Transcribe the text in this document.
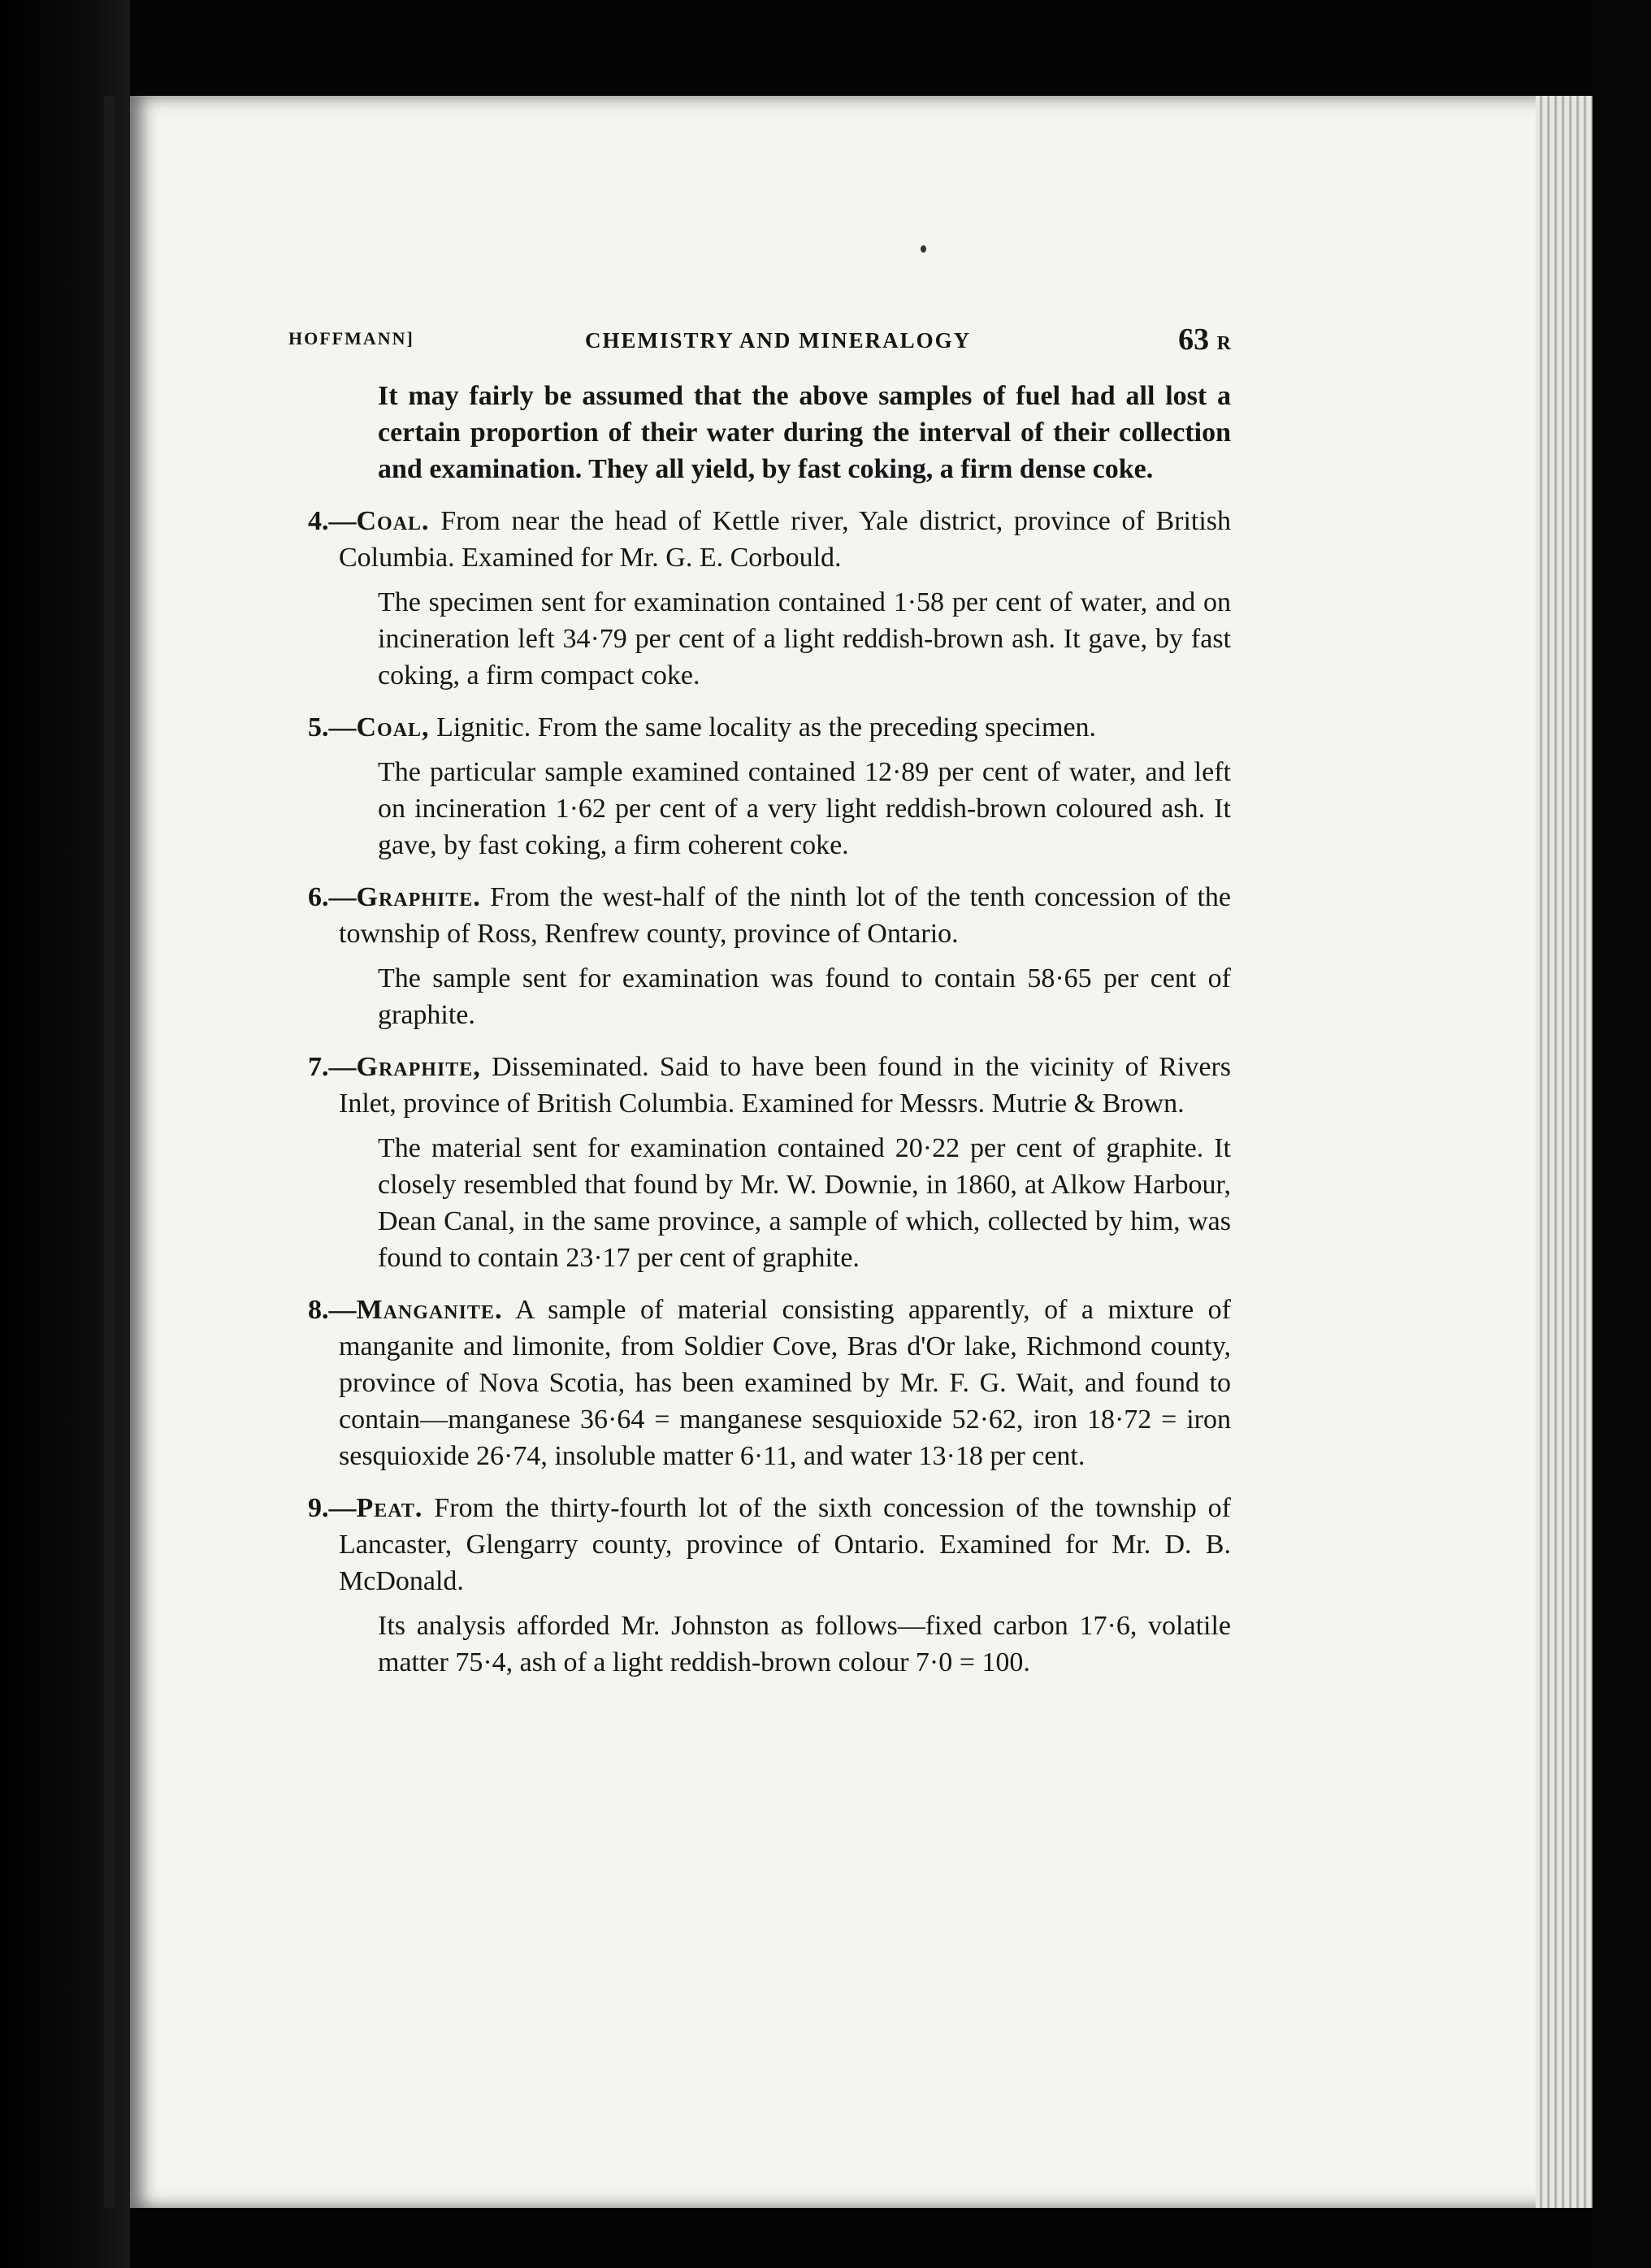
HOFFMANN]	CHEMISTRY AND MINERALOGY	63 R

It may fairly be assumed that the above samples of fuel had all lost a certain proportion of their water during the interval of their collection and examination. They all yield, by fast coking, a firm dense coke.

4.—Coal. From near the head of Kettle river, Yale district, province of British Columbia. Examined for Mr. G. E. Corbould.

The specimen sent for examination contained 1·58 per cent of water, and on incineration left 34·79 per cent of a light reddish-brown ash. It gave, by fast coking, a firm compact coke.

5.—Coal, Lignitic. From the same locality as the preceding specimen.

The particular sample examined contained 12·89 per cent of water, and left on incineration 1·62 per cent of a very light reddish-brown coloured ash. It gave, by fast coking, a firm coherent coke.

6.—Graphite. From the west-half of the ninth lot of the tenth concession of the township of Ross, Renfrew county, province of Ontario.

The sample sent for examination was found to contain 58·65 per cent of graphite.

7.—Graphite, Disseminated. Said to have been found in the vicinity of Rivers Inlet, province of British Columbia. Examined for Messrs. Mutrie & Brown.

The material sent for examination contained 20·22 per cent of graphite. It closely resembled that found by Mr. W. Downie, in 1860, at Alkow Harbour, Dean Canal, in the same province, a sample of which, collected by him, was found to contain 23·17 per cent of graphite.

8.—Manganite. A sample of material consisting apparently, of a mixture of manganite and limonite, from Soldier Cove, Bras d'Or lake, Richmond county, province of Nova Scotia, has been examined by Mr. F. G. Wait, and found to contain—manganese 36·64 = manganese sesquioxide 52·62, iron 18·72 = iron sesquioxide 26·74, insoluble matter 6·11, and water 13·18 per cent.

9.—Peat. From the thirty-fourth lot of the sixth concession of the township of Lancaster, Glengarry county, province of Ontario. Examined for Mr. D. B. McDonald.

Its analysis afforded Mr. Johnston as follows—fixed carbon 17·6, volatile matter 75·4, ash of a light reddish-brown colour 7·0 = 100.
